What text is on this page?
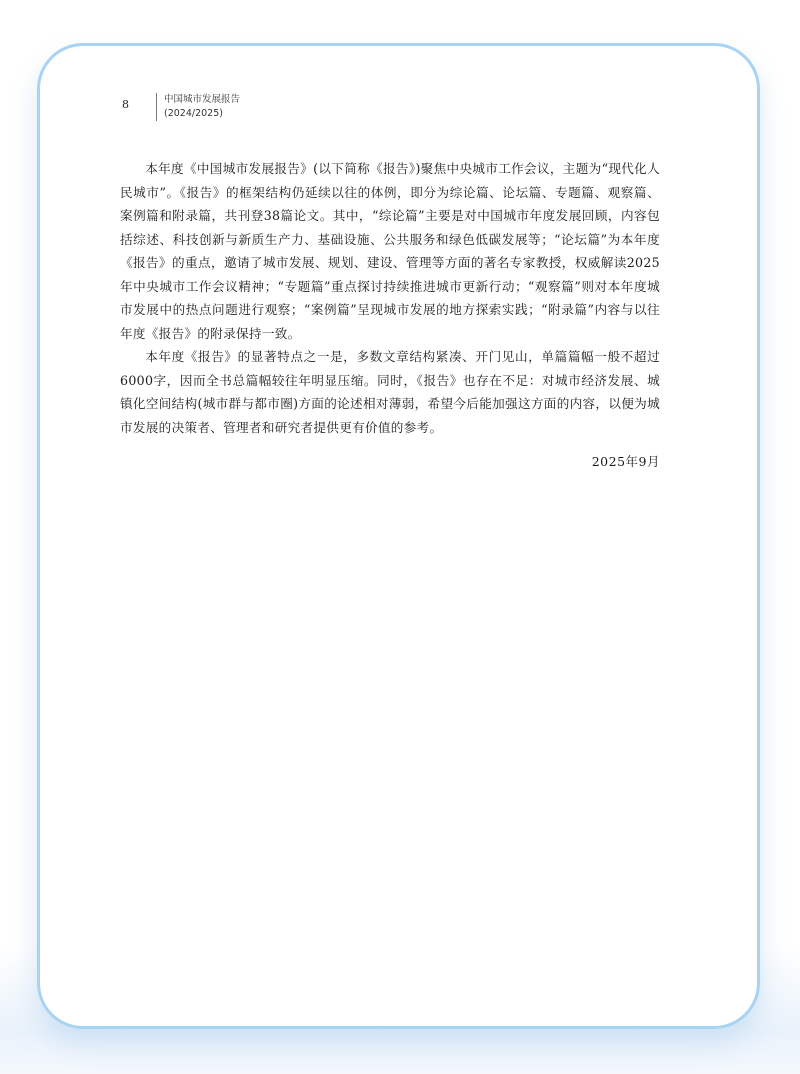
8	中国城市发展报告
(2024/2025)

本年度《中国城市发展报告》(以下简称《报告》)聚焦中央城市工作会议，主题为“现代化人民城市”。《报告》的框架结构仍延续以往的体例，即分为综论篇、论坛篇、专题篇、观察篇、案例篇和附录篇，共刊登38篇论文。其中，“综论篇”主要是对中国城市年度发展回顾，内容包括综述、科技创新与新质生产力、基础设施、公共服务和绿色低碳发展等；“论坛篇”为本年度《报告》的重点，邀请了城市发展、规划、建设、管理等方面的著名专家教授，权威解读2025年中央城市工作会议精神；“专题篇”重点探讨持续推进城市更新行动；“观察篇”则对本年度城市发展中的热点问题进行观察；“案例篇”呈现城市发展的地方探索实践；“附录篇”内容与以往年度《报告》的附录保持一致。

本年度《报告》的显著特点之一是，多数文章结构紧凑、开门见山，单篇篇幅一般不超过6000字，因而全书总篇幅较往年明显压缩。同时，《报告》也存在不足：对城市经济发展、城镇化空间结构(城市群与都市圈)方面的论述相对薄弱，希望今后能加强这方面的内容，以便为城市发展的决策者、管理者和研究者提供更有价值的参考。

2025年9月
